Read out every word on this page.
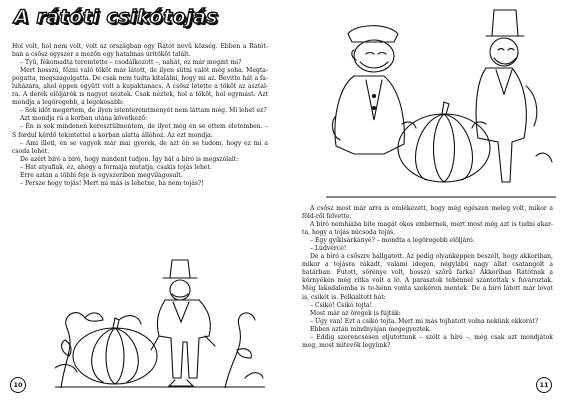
A rátóti csikótojás

Hol volt, hol nem volt, volt az országban egy Rátót nevű község. Ebben a Rátót-ban a csősz egyszer a mezőn egy hatalmas úritököt talált.

– Tyű, fékomadta teremtette – csodálkozott –, nahát, ez már megint mi?

Mert hosszú, főzni való tököt már látott, de ilyen sütni valót még soha. Megta-pogatta, megszagolgatta. De csak nem tudta kitalálni, hogy mi az. Bevitte hát a fa-luházára, ahol éppen együtt volt a kupaktanács. A csősz letette a tököt az asztal-ra. A derék elöljárók is nagyot néztek. Csak néztek, hol a tököt, hol egymást. Azt mondja a legöregebb, a legokosabb:

– Sok időt megértem, de ilyen istenteremtményét nem láttam még. Mi lehet ez?

Azt mondja rá a korban utána következő:

– Én is sok mindenen keresztülmentem, de ilyet még én se ettem életemben. – S fordul kérdő tekintettel a korban alatta állóhoz. Az ezt mondja:

– Ami illeti, én se vagyok már mai gyerek, de azt én se tudom, hogy ez mi a csoda lehet.

De azért bíró a bíró, hogy mindent tudjon. Így hát a bíró is megszólalt:

– Hát atyafiak, ez, ahogy a formája mutatja, csakis tojás lehet.

Erre aztán a többi feje is egyszeriben megvilágosult.

– Persze hogy tojás! Mert mi más is lehetne, ha nem tojás?!

10

A csősz most már arra is emlékezett, hogy még egészen meleg volt, mikor a föld-ről felvette.

A bíró nemhiába bíte magát okos embernek, mert most még azt is tudni akar-ta, hogy a tojás micsoda tojás.

– Egy gyíkisárkányé? – mondta a legöregebb elöljáró.

– Lúdvércé!

De a bíró a csőszre hallgatott. Az pedig olyanképpen beszélt, hogy akkoriban, mikor a tojásra rákadt, valami idegen, négylábú nagy állat csatangolt a határban. Futott, sörénye volt, hosszú szőrű farka! Akkoriban Rátótnak a környékén még ritka volt a ló. A parasztok tehénnel szántottak s fuvaroztak. Még lakodalomba is te-hénn vonta szekéren mentek. De a bíró látott már lovat is, csikót is. Felkiáltott hát:

– Csikó! Csikó tojta!

Most már az öregek is fújták:

– Úgy van! Ezt a csikó tojta. Mert mi más tojhatott volna nekünk ekkorát?

Ebben aztán mindnyájan megegyeztek.

– Eddig szerencsésen eljutottunk – szólt a bíró –, még csak azt mondjátok meg, most mitevők legyünk?

11
